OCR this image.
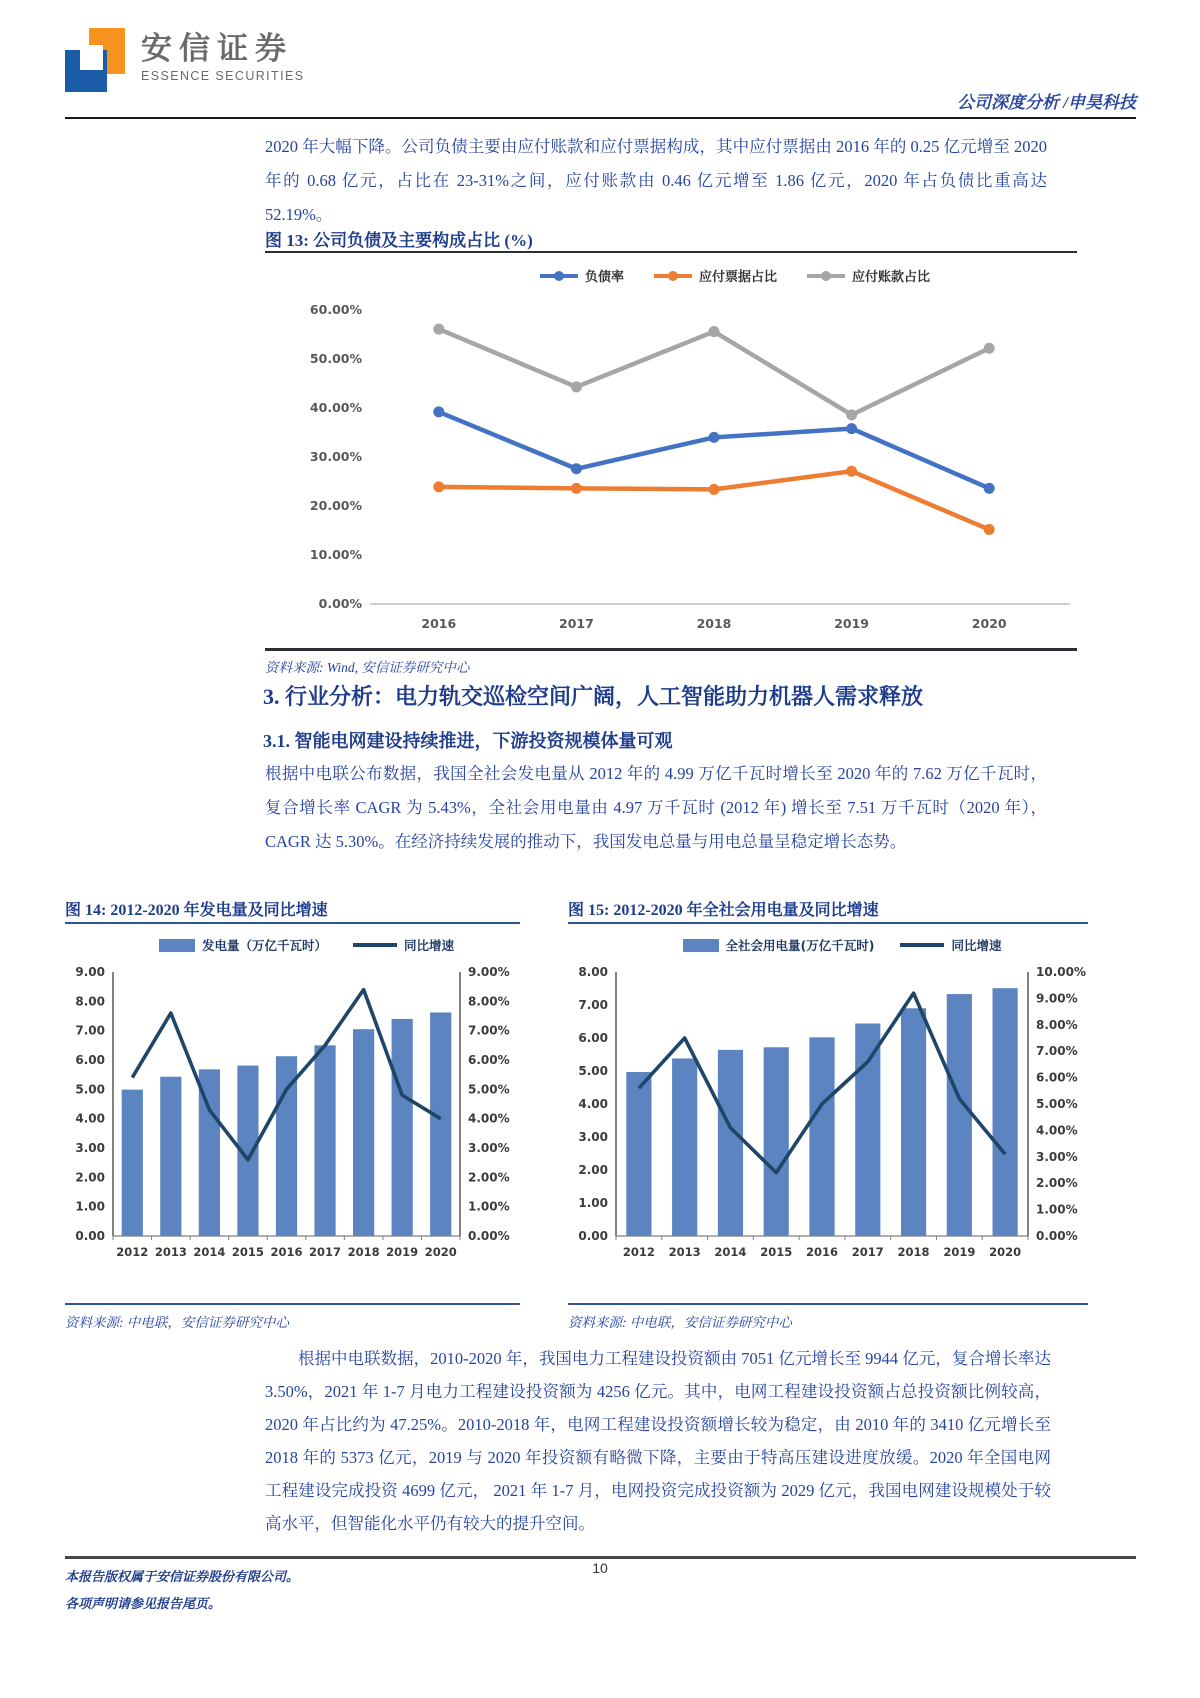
安信证券
ESSENCE SECURITIES
公司深度分析 /申昊科技
2020 年大幅下降。公司负债主要由应付账款和应付票据构成，其中应付票据由 2016 年的 0.25 亿元增至 2020 年的 0.68 亿元，占比在 23-31%之间，应付账款由 0.46 亿元增至 1.86 亿元，2020 年占负债比重高达 52.19%。
图 13: 公司负债及主要构成占比 (%)
负债率	应付票据占比	应付账款占比
60.00%
50.00%
40.00%
30.00%
20.00%
10.00%
0.00%
2016	2017	2018	2019	2020
资料来源: Wind, 安信证券研究中心
3. 行业分析：电力轨交巡检空间广阔，人工智能助力机器人需求释放
3.1. 智能电网建设持续推进，下游投资规模体量可观
根据中电联公布数据，我国全社会发电量从 2012 年的 4.99 万亿千瓦时增长至 2020 年的 7.62 万亿千瓦时，复合增长率 CAGR 为 5.43%，全社会用电量由 4.97 万千瓦时 (2012 年) 增长至 7.51 万千瓦时（2020 年），CAGR 达 5.30%。在经济持续发展的推动下，我国发电总量与用电总量呈稳定增长态势。
图 14: 2012-2020 年发电量及同比增速
发电量（万亿千瓦时）	同比增速
9.00
8.00
7.00
6.00
5.00
4.00
3.00
2.00
1.00
0.00
9.00%
8.00%
7.00%
6.00%
5.00%
4.00%
3.00%
2.00%
1.00%
0.00%
2012 2013 2014 2015 2016 2017 2018 2019 2020
资料来源: 中电联，安信证券研究中心
图 15: 2012-2020 年全社会用电量及同比增速
全社会用电量(万亿千瓦时)	同比增速
8.00
7.00
6.00
5.00
4.00
3.00
2.00
1.00
0.00
10.00%
9.00%
8.00%
7.00%
6.00%
5.00%
4.00%
3.00%
2.00%
1.00%
0.00%
2012 2013 2014 2015 2016 2017 2018 2019 2020
资料来源: 中电联，安信证券研究中心
根据中电联数据，2010-2020 年，我国电力工程建设投资额由 7051 亿元增长至 9944 亿元，复合增长率达 3.50%，2021 年 1-7 月电力工程建设投资额为 4256 亿元。其中，电网工程建设投资额占总投资额比例较高，2020 年占比约为 47.25%。2010-2018 年，电网工程建设投资额增长较为稳定，由 2010 年的 3410 亿元增长至 2018 年的 5373 亿元，2019 与 2020 年投资额有略微下降，主要由于特高压建设进度放缓。2020 年全国电网工程建设完成投资 4699 亿元， 2021 年 1-7 月，电网投资完成投资额为 2029 亿元，我国电网建设规模处于较高水平，但智能化水平仍有较大的提升空间。
本报告版权属于安信证券股份有限公司。
各项声明请参见报告尾页。
10
